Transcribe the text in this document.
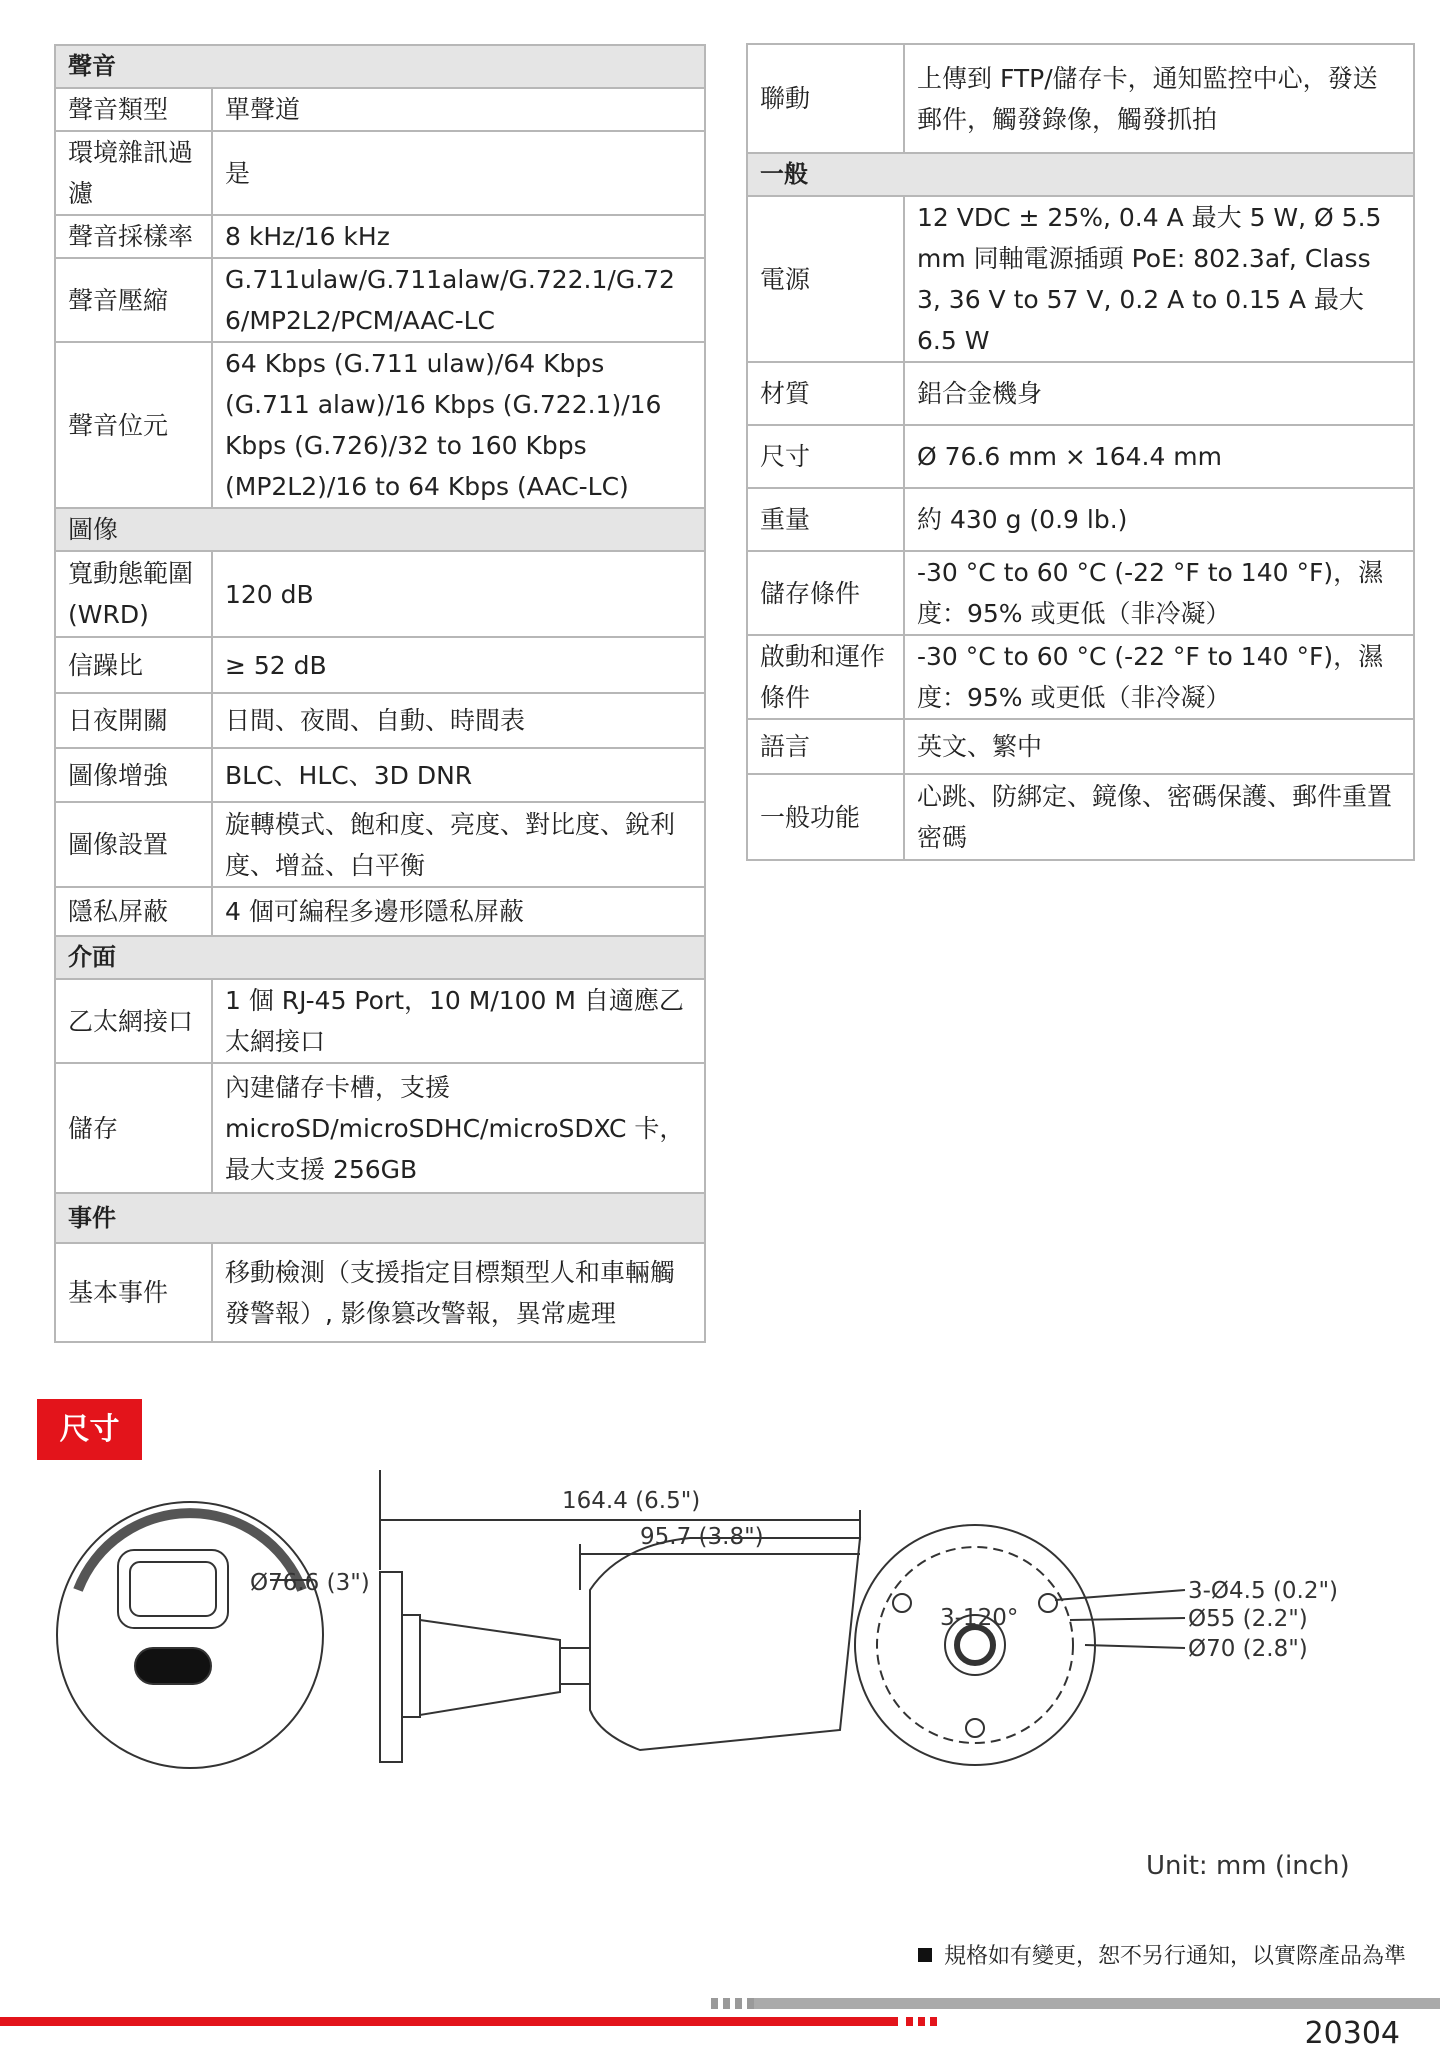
聲音	
聲音類型	單聲道
環境雜訊過濾	是
聲音採樣率	8 kHz/16 kHz
聲音壓縮	G.711ulaw/G.711alaw/G.722.1/G.726/MP2L2/PCM/AAC-LC
聲音位元	64 Kbps (G.711 ulaw)/64 Kbps (G.711 alaw)/16 Kbps (G.722.1)/16 Kbps (G.726)/32 to 160 Kbps (MP2L2)/16 to 64 Kbps (AAC-LC)
圖像	
寬動態範圍 (WRD)	120 dB
信躁比	≥ 52 dB
日夜開關	日間、夜間、自動、時間表
圖像增強	BLC、HLC、3D DNR
圖像設置	旋轉模式、飽和度、亮度、對比度、銳利度、增益、白平衡
隱私屏蔽	4 個可編程多邊形隱私屏蔽
介面	
乙太網接口	1 個 RJ-45 Port，10 M/100 M 自適應乙太網接口
儲存	內建儲存卡槽，支援 microSD/microSDHC/microSDXC 卡，最大支援 256GB
事件	
基本事件	移動檢測（支援指定目標類型人和車輛觸發警報）, 影像篡改警報，異常處理
聯動	上傳到 FTP/儲存卡，通知監控中心，發送郵件，觸發錄像，觸發抓拍
一般	
電源	12 VDC ± 25%, 0.4 A 最大 5 W, Ø 5.5 mm 同軸電源插頭 PoE: 802.3af, Class 3, 36 V to 57 V, 0.2 A to 0.15 A 最大 6.5 W
材質	鋁合金機身
尺寸	Ø 76.6 mm × 164.4 mm
重量	約 430 g (0.9 lb.)
儲存條件	-30 °C to 60 °C (-22 °F to 140 °F)，濕度：95% 或更低（非冷凝）
啟動和運作條件	-30 °C to 60 °C (-22 °F to 140 °F)，濕度：95% 或更低（非冷凝）
語言	英文、繁中
一般功能	心跳、防綁定、鏡像、密碼保護、郵件重置密碼
尺寸
Ø76.6 (3")
164.4 (6.5")
95.7 (3.8")
3-120°
3-Ø4.5 (0.2")
Ø55 (2.2")
Ø70 (2.8")
Unit: mm (inch)
規格如有變更，恕不另行通知，以實際產品為準
20304
